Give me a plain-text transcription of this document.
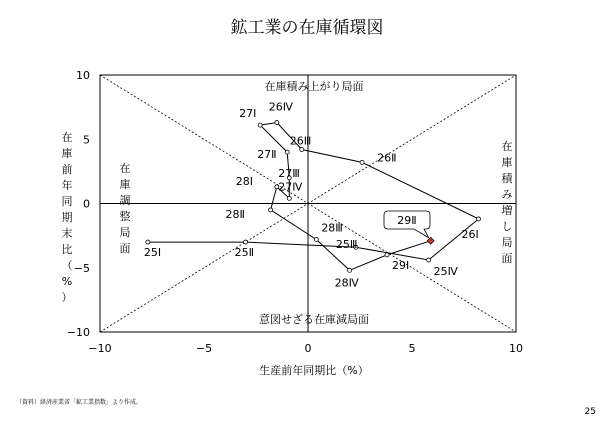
鉱工業の在庫循環図
−10	−5	0	5	10
−10
−5
0
5
10
在庫積み上がり局面
意図せざる在庫減局面
在
庫
調
整
局
面
在
庫
積
み
増
し
局
面
29Ⅱ
25Ⅰ	25Ⅱ
25Ⅲ
25Ⅳ
26Ⅰ
26Ⅱ
26Ⅲ
26Ⅳ
27Ⅰ
27Ⅱ
27Ⅲ
27Ⅳ
28Ⅰ
28Ⅱ
28Ⅲ
28Ⅳ
29Ⅰ
生産前年同期比（%）
在
庫
前
年
同
期
末
比
（
%
）
（資料）経済産業省「鉱工業指数」より作成。
25
